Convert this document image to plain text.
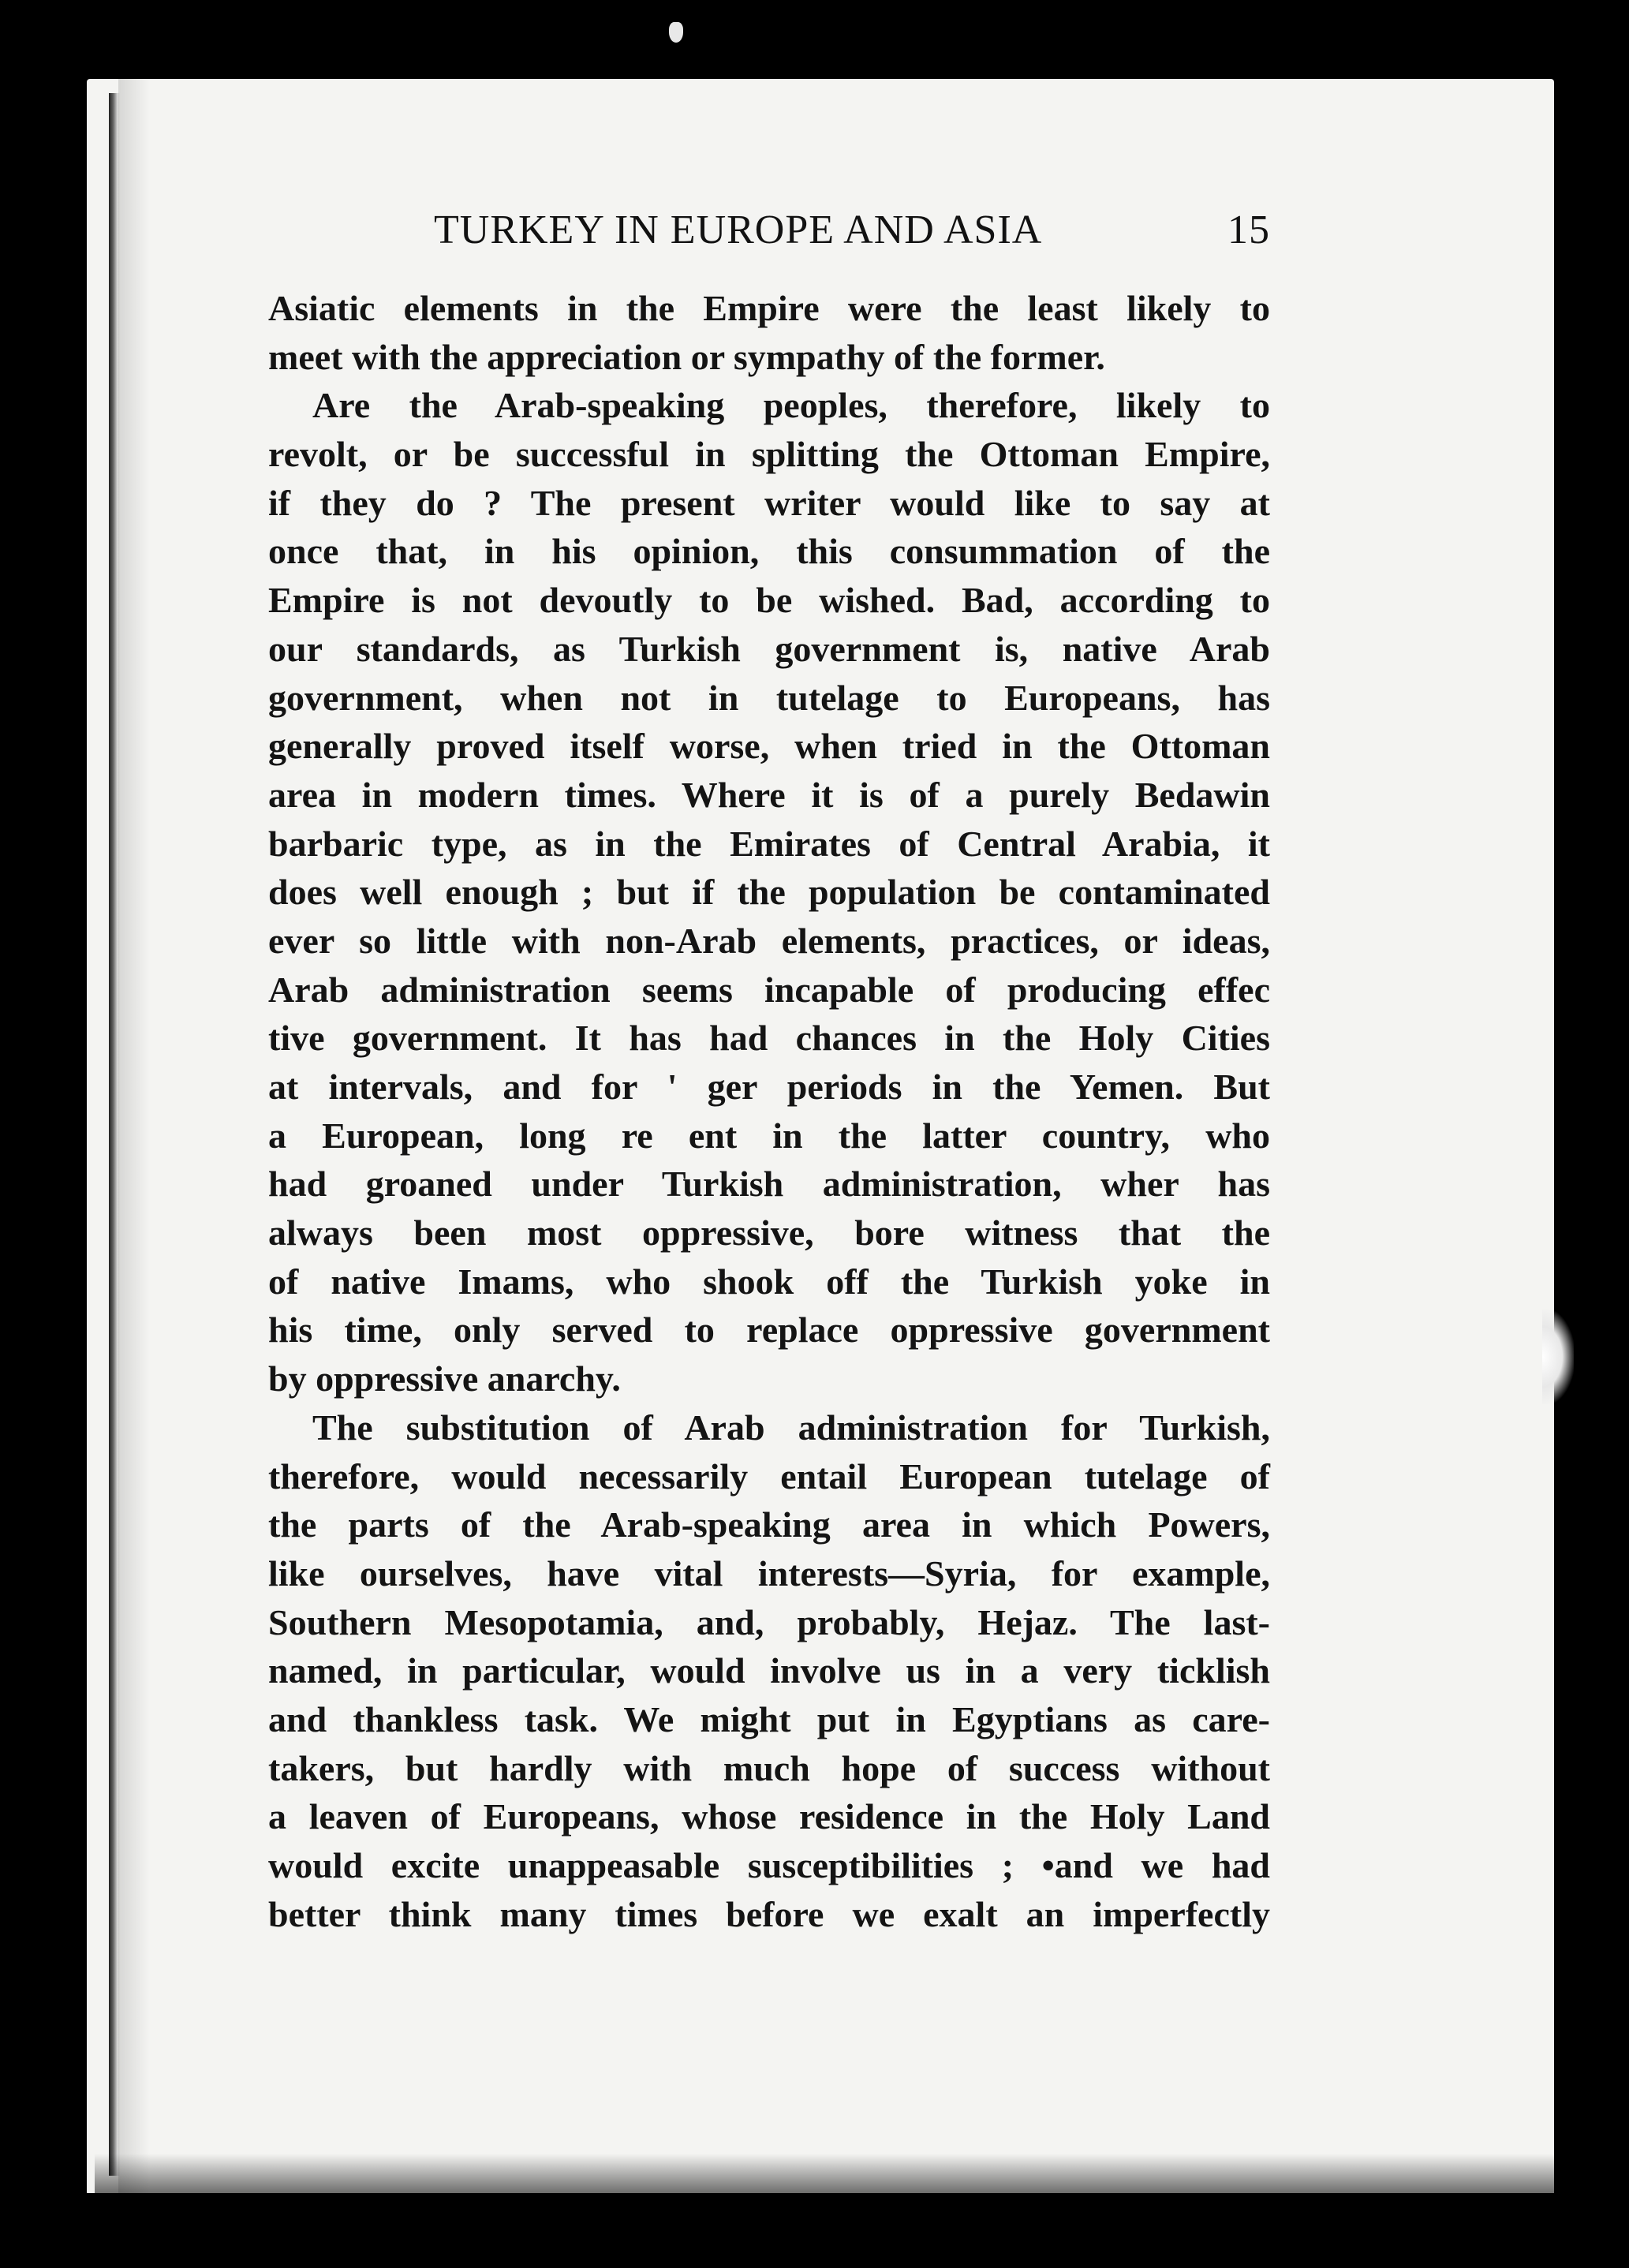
TURKEY IN EUROPE AND ASIA	15
Asiatic elements in the Empire were the least likely to
meet with the appreciation or sympathy of the former.
Are the Arab-speaking peoples, therefore, likely to
revolt, or be successful in splitting the Ottoman Empire,
if they do ? The present writer would like to say at
once that, in his opinion, this consummation of the
Empire is not devoutly to be wished. Bad, according to
our standards, as Turkish government is, native Arab
government, when not in tutelage to Europeans, has
generally proved itself worse, when tried in the Ottoman
area in modern times. Where it is of a purely Bedawin
barbaric type, as in the Emirates of Central Arabia, it
does well enough ; but if the population be contaminated
ever so little with non-Arab elements, practices, or ideas,
Arab administration seems incapable of producing effec
tive government. It has had chances in the Holy Cities
at intervals, and for ' ger periods in the Yemen. But
a European, long re ent in the latter country, who
had groaned under Turkish administration, wher has
always been most oppressive, bore witness that the
of native Imams, who shook off the Turkish yoke in
his time, only served to replace oppressive government
by oppressive anarchy.
The substitution of Arab administration for Turkish,
therefore, would necessarily entail European tutelage of
the parts of the Arab-speaking area in which Powers,
like ourselves, have vital interests—Syria, for example,
Southern Mesopotamia, and, probably, Hejaz. The last-
named, in particular, would involve us in a very ticklish
and thankless task. We might put in Egyptians as care-
takers, but hardly with much hope of success without
a leaven of Europeans, whose residence in the Holy Land
would excite unappeasable susceptibilities ; •and we had
better think many times before we exalt an imperfectly
